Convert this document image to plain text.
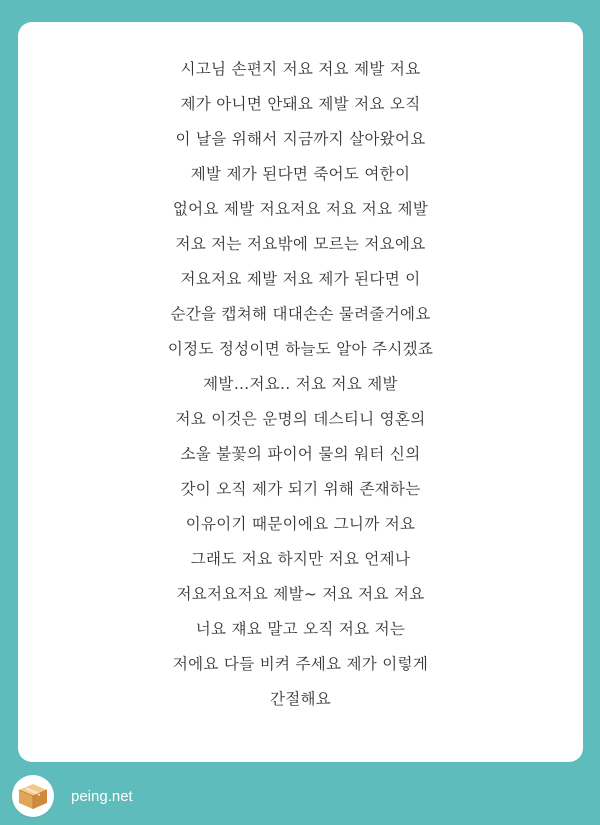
시고님 손편지 저요 저요 제발 저요
제가 아니면 안돼요 제발 저요 오직
이 날을 위해서 지금까지 살아왔어요
제발 제가 된다면 죽어도 여한이
없어요 제발 저요저요 저요 저요 제발
저요 저는 저요밖에 모르는 저요에요
저요저요 제발 저요 제가 된다면 이
순간을 캡쳐해 대대손손 물려줄거에요
이정도 정성이면 하늘도 알아 주시겠죠
제발…저요.. 저요 저요 제발
저요 이것은 운명의 데스티니 영혼의
소울 불꽃의 파이어 물의 워터 신의
갓이 오직 제가 되기 위해 존재하는
이유이기 때문이에요 그니까 저요
그래도 저요 하지만 저요 언제나
저요저요저요 제발~ 저요 저요 저요
너요 쟤요 말고 오직 저요 저는
저에요 다들 비켜 주세요 제가 이렇게
간절해요
peing.net
